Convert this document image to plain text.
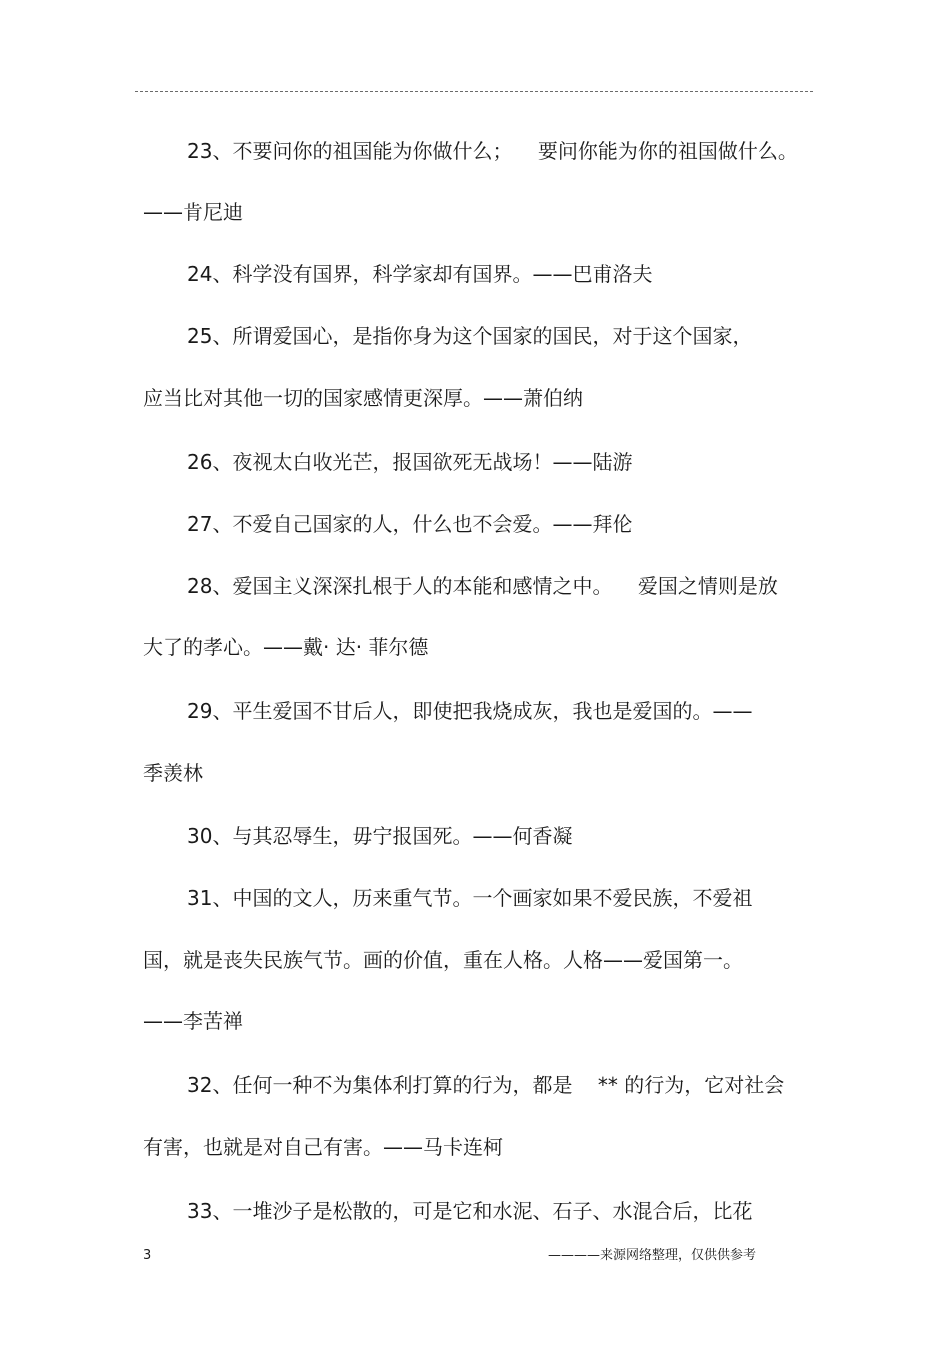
23、不要问你的祖国能为你做什么；    要问你能为你的祖国做什么。
——肯尼迪
24、科学没有国界，科学家却有国界。——巴甫洛夫
25、所谓爱国心，是指你身为这个国家的国民，对于这个国家，
应当比对其他一切的国家感情更深厚。——萧伯纳
26、夜视太白收光芒，报国欲死无战场！——陆游
27、不爱自己国家的人，什么也不会爱。——拜伦
28、爱国主义深深扎根于人的本能和感情之中。    爱国之情则是放
大了的孝心。——戴· 达· 菲尔德
29、平生爱国不甘后人，即使把我烧成灰，我也是爱国的。——
季羡林
30、与其忍辱生，毋宁报国死。——何香凝
31、中国的文人，历来重气节。一个画家如果不爱民族，不爱祖
国，就是丧失民族气节。画的价值，重在人格。人格——爱国第一。
——李苦禅
32、任何一种不为集体利打算的行为，都是    ** 的行为，它对社会
有害，也就是对自己有害。——马卡连柯
33、一堆沙子是松散的，可是它和水泥、石子、水混合后，比花
3	————来源网络整理，仅供供参考
